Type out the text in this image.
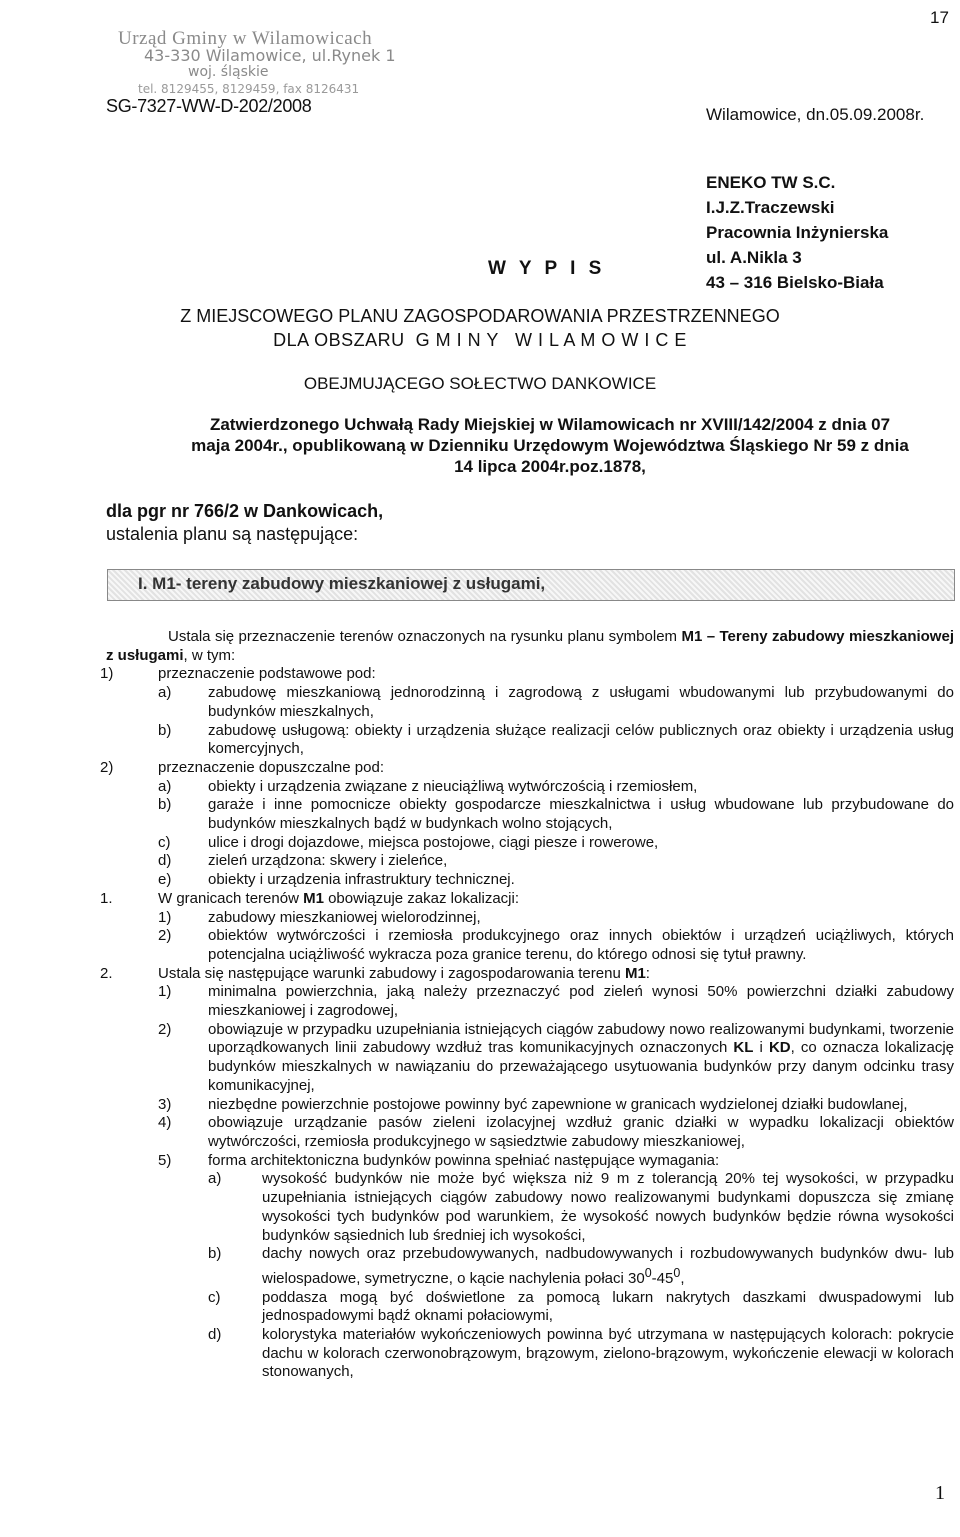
17
Urząd Gminy w Wilamowicach
43-330 Wilamowice, ul.Rynek 1
woj. śląskie
tel. 8129455, 8129459, fax 8126431
SG-7327-WW-D-202/2008	Wilamowice, dn.05.09.2008r.
ENEKO TW S.C. I.J.Z.Traczewski
Pracownia Inżynierska
ul. A.Nikla 3
43 – 316 Bielsko-Biała
W Y P I S
Z MIEJSCOWEGO PLANU ZAGOSPODAROWANIA PRZESTRZENNEGO
DLA OBSZARU  G M I N Y   W I L A M O W I C E
OBEJMUJĄCEGO SOŁECTWO DANKOWICE
Zatwierdzonego Uchwałą Rady Miejskiej w Wilamowicach nr XVIII/142/2004 z dnia 07 maja 2004r., opublikowaną w Dzienniku Urzędowym Województwa Śląskiego Nr 59 z dnia 14 lipca 2004r.poz.1878,
dla pgr nr 766/2 w Dankowicach,
ustalenia planu są następujące:
I. M1- tereny zabudowy mieszkaniowej z usługami,
Ustala się przeznaczenie terenów oznaczonych na rysunku planu symbolem M1 – Tereny zabudowy mieszkaniowej z usługami, w tym:
1)	przeznaczenie podstawowe pod:
a) zabudowę mieszkaniową jednorodzinną i zagrodową z usługami wbudowanymi lub przybudowanymi do budynków mieszkalnych,
b) zabudowę usługową: obiekty i urządzenia służące realizacji celów publicznych oraz obiekty i urządzenia usług komercyjnych,
2)	przeznaczenie dopuszczalne pod:
a) obiekty i urządzenia związane z nieuciążliwą wytwórczością i rzemiosłem,
b) garaże i inne pomocnicze obiekty gospodarcze mieszkalnictwa i usług wbudowane lub przybudowane do budynków mieszkalnych bądź w budynkach wolno stojących,
c)	ulice i drogi dojazdowe, miejsca postojowe, ciągi piesze i rowerowe,
d) zieleń urządzona: skwery i zieleńce,
e) obiekty i urządzenia infrastruktury technicznej.
1.	W granicach terenów M1 obowiązuje zakaz lokalizacji:
1) zabudowy mieszkaniowej wielorodzinnej,
2) obiektów wytwórczości i rzemiosła produkcyjnego oraz innych obiektów i urządzeń uciążliwych, których potencjalna uciążliwość wykracza poza granice terenu, do którego odnosi się tytuł prawny.
2.	Ustala się następujące warunki zabudowy i zagospodarowania terenu M1:
1) minimalna powierzchnia, jaką należy przeznaczyć pod zieleń wynosi 50% powierzchni działki zabudowy mieszkaniowej i zagrodowej,
2) obowiązuje w przypadku uzupełniania istniejących ciągów zabudowy nowo realizowanymi budynkami, tworzenie uporządkowanych linii zabudowy wzdłuż tras komunikacyjnych oznaczonych KL i KD, co oznacza lokalizację budynków mieszkalnych w nawiązaniu do przeważającego usytuowania budynków przy danym odcinku trasy komunikacyjnej,
3) niezbędne powierzchnie postojowe powinny być zapewnione w granicach wydzielonej działki budowlanej,
4) obowiązuje urządzanie pasów zieleni izolacyjnej wzdłuż granic działki w wypadku lokalizacji obiektów wytwórczości, rzemiosła produkcyjnego w sąsiedztwie zabudowy mieszkaniowej,
5) forma architektoniczna budynków powinna spełniać następujące wymagania:
a)	wysokość budynków nie może być większa niż 9 m z tolerancją 20% tej wysokości, w przypadku uzupełniania istniejących ciągów zabudowy nowo realizowanymi budynkami dopuszcza się zmianę wysokości tych budynków pod warunkiem, że wysokość nowych budynków będzie równa wysokości budynków sąsiednich lub średniej ich wysokości,
b)	dachy nowych oraz przebudowywanych, nadbudowywanych i rozbudowywanych budynków dwu- lub wielospadowe, symetryczne, o kącie nachylenia połaci $30^0-45^0$,
c)	poddasza mogą być doświetlone za pomocą lukarn nakrytych daszkami dwuspadowymi lub jednospadowymi bądź oknami połaciowymi,
d)	kolorystyka materiałów wykończeniowych powinna być utrzymana w następujących kolorach: pokrycie dachu w kolorach czerwonobrązowym, brązowym, zielono-brązowym, wykończenie elewacji w kolorach stonowanych,
1
